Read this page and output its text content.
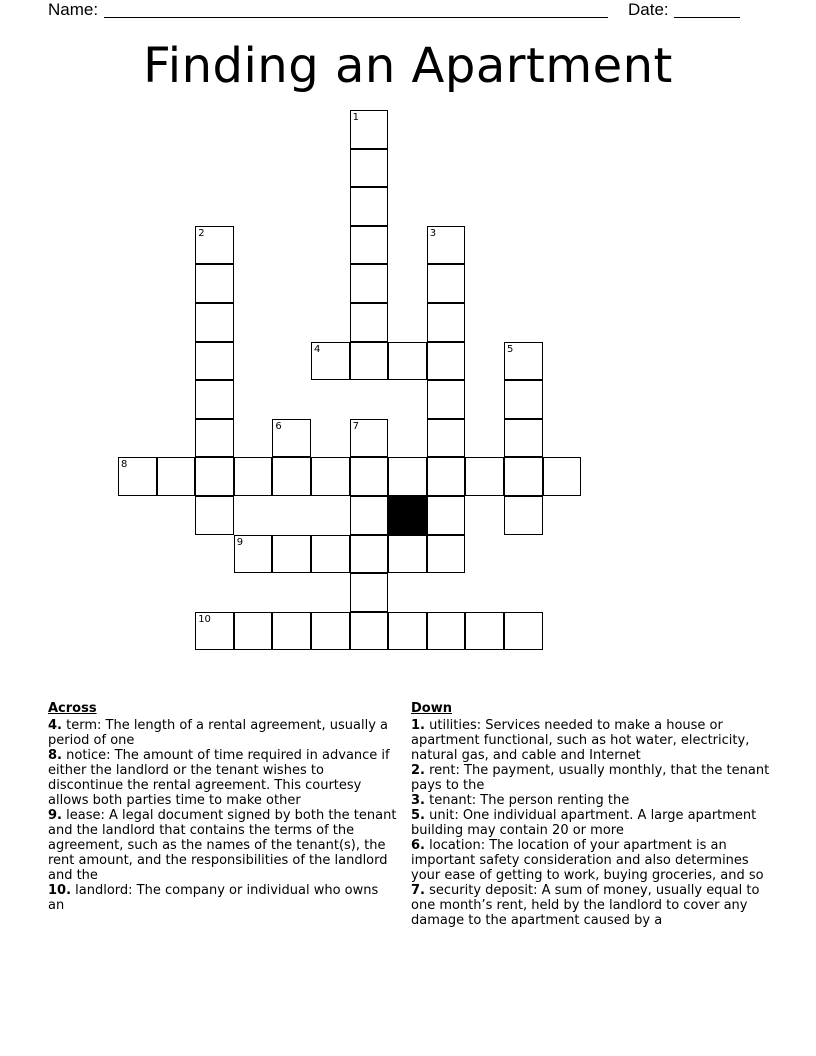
Name:	Date:
Finding an Apartment
1
2	3
4	5
6	7
8
9
10
Across

4. term: The length of a rental agreement, usually a period of one

8. notice: The amount of time required in advance if either the landlord or the tenant wishes to discontinue the rental agreement. This courtesy allows both parties time to make other

9. lease: A legal document signed by both the tenant and the landlord that contains the terms of the agreement, such as the names of the tenant(s), the rent amount, and the responsibilities of the landlord and the

10. landlord: The company or individual who owns an

Down

1. utilities: Services needed to make a house or apartment functional, such as hot water, electricity, natural gas, and cable and Internet

2. rent: The payment, usually monthly, that the tenant pays to the

3. tenant: The person renting the

5. unit: One individual apartment. A large apartment building may contain 20 or more

6. location: The location of your apartment is an important safety consideration and also determines your ease of getting to work, buying groceries, and so

7. security deposit: A sum of money, usually equal to one month’s rent, held by the landlord to cover any damage to the apartment caused by a
